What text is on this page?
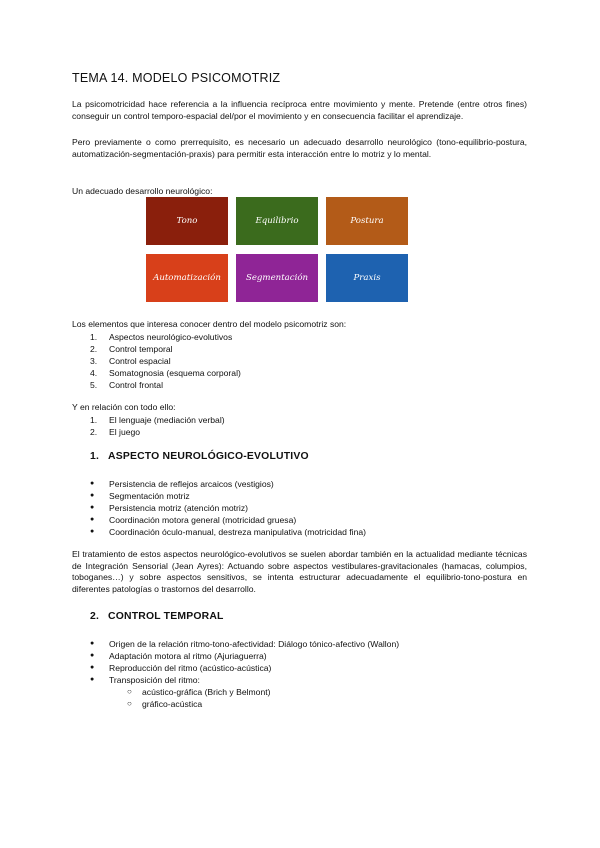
TEMA 14. MODELO PSICOMOTRIZ
La psicomotricidad hace referencia a la influencia recíproca entre movimiento y mente. Pretende (entre otros fines) conseguir un control temporo-espacial del/por el movimiento y en consecuencia facilitar el aprendizaje.
Pero previamente o como prerrequisito, es necesario un adecuado desarrollo neurológico (tono-equilibrio-postura, automatización-segmentación-praxis) para permitir esta interacción entre lo motriz y lo mental.
Un adecuado desarrollo neurológico:
Tono	Equilibrio	Postura
Automatización	Segmentación	Praxis
Los elementos que interesa conocer dentro del modelo psicomotriz son:
1.	Aspectos neurológico-evolutivos
2.	Control temporal
3.	Control espacial
4.	Somatognosia (esquema corporal)
5.	Control frontal
Y en relación con todo ello:
1.	El lenguaje (mediación verbal)
2.	El juego
1. ASPECTO NEUROLÓGICO-EVOLUTIVO
●	Persistencia de reflejos arcaicos (vestigios)
●	Segmentación motriz
●	Persistencia motriz (atención motriz)
●	Coordinación motora general (motricidad gruesa)
●	Coordinación óculo-manual, destreza manipulativa (motricidad fina)
El tratamiento de estos aspectos neurológico-evolutivos se suelen abordar también en la actualidad mediante técnicas de Integración Sensorial (Jean Ayres): Actuando sobre aspectos vestibulares-gravitacionales (hamacas, columpios, toboganes…) y sobre aspectos sensitivos, se intenta estructurar adecuadamente el equilibrio-tono-postura en diferentes patologías o trastornos del desarrollo.
2. CONTROL TEMPORAL
●	Origen de la relación ritmo-tono-afectividad: Diálogo tónico-afectivo (Wallon)
●	Adaptación motora al ritmo (Ajuriaguerra)
●	Reproducción del ritmo (acústico-acústica)
●	Transposición del ritmo:
○	acústico-gráfica (Brich y Belmont)
○	gráfico-acústica
